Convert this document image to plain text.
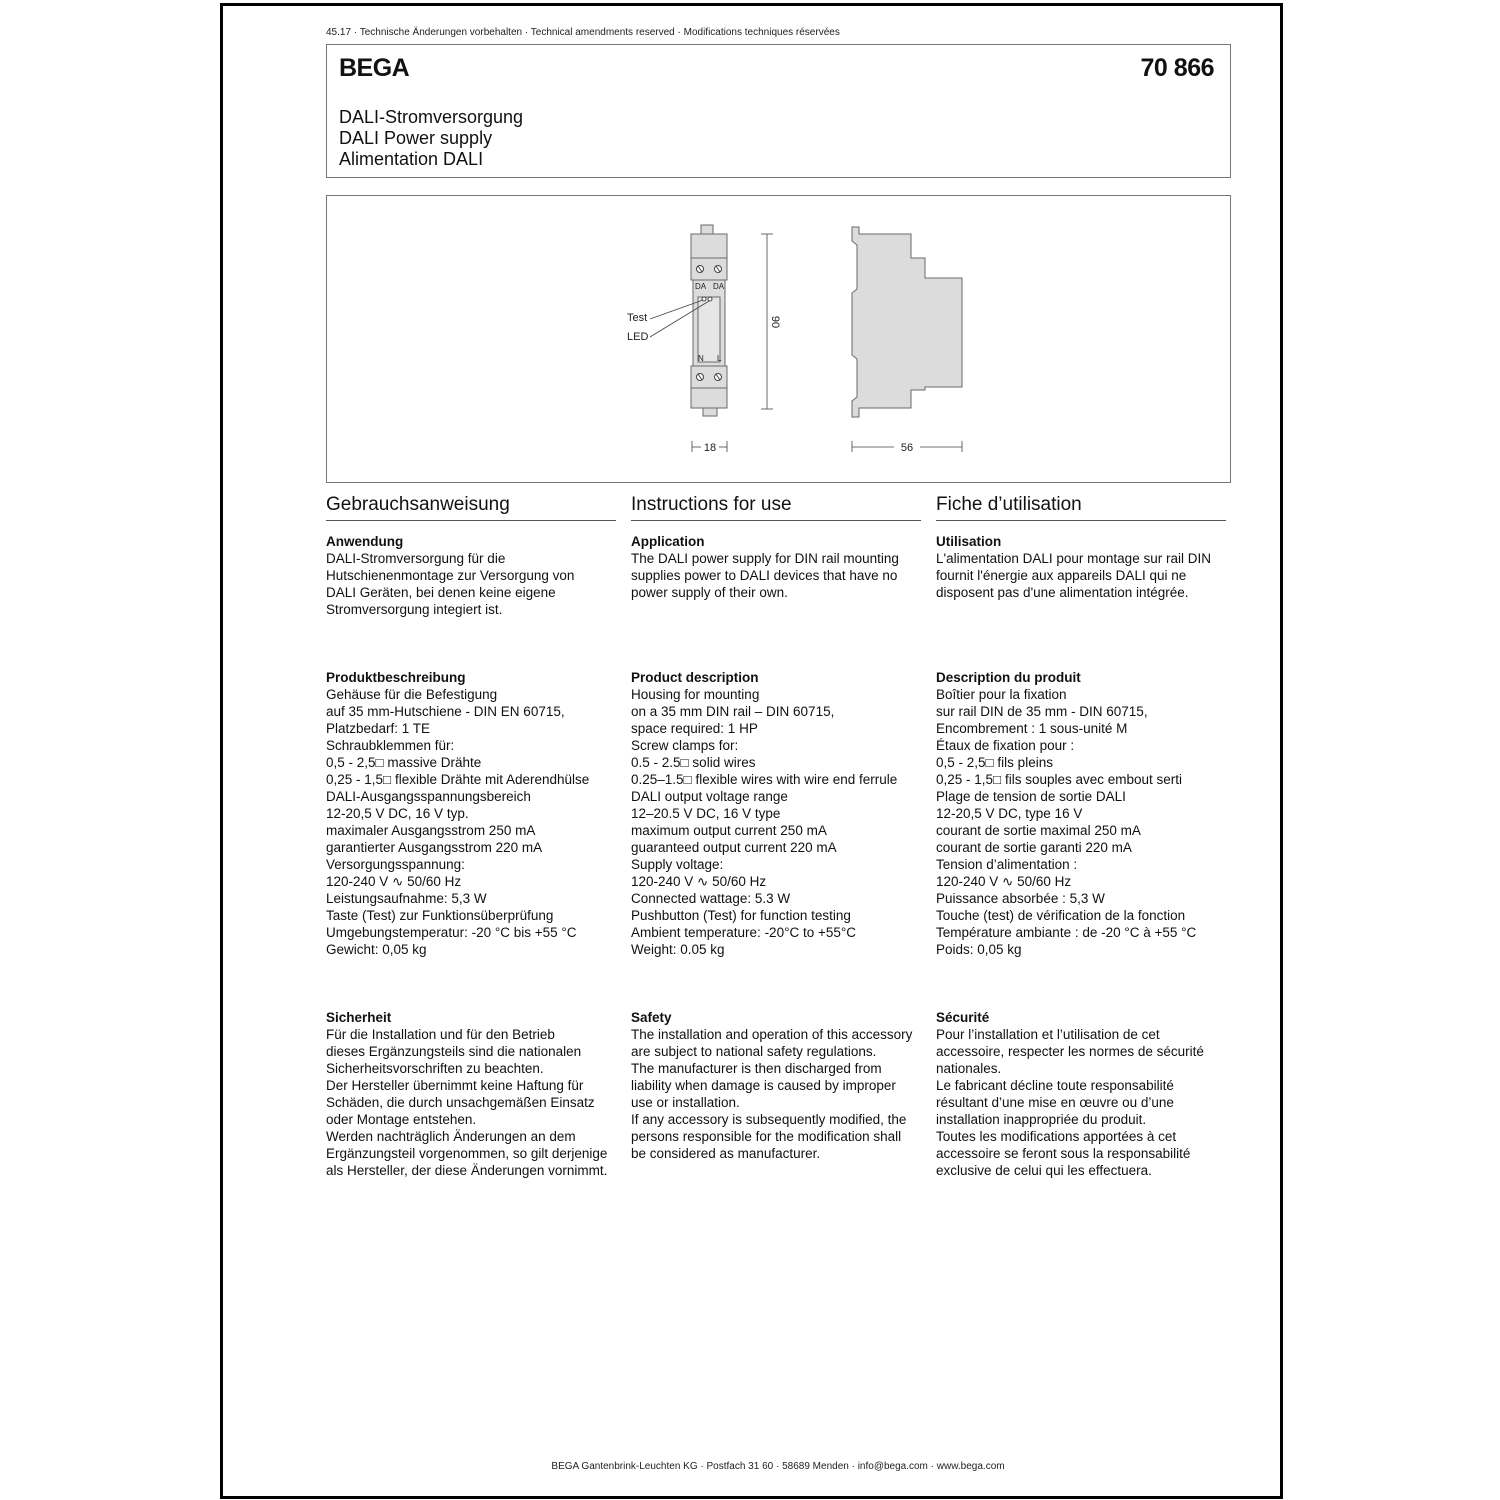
45.17 · Technische Änderungen vorbehalten · Technical amendments reserved · Modifications techniques réservées
BEGA	70 866
DALI-Stromversorgung
DALI Power supply
Alimentation DALI
DA DA
N L
Test
LED
90
18	56
Gebrauchsanweisung
Anwendung
DALI-Stromversorgung für die
Hutschienenmontage zur Versorgung von
DALI Geräten, bei denen keine eigene
Stromversorgung integiert ist.
Produktbeschreibung
Gehäuse für die Befestigung
auf 35 mm-Hutschiene - DIN EN 60715,
Platzbedarf: 1 TE
Schraubklemmen für:
0,5 - 2,5□ massive Drähte
0,25 - 1,5□ flexible Drähte mit Aderendhülse
DALI-Ausgangsspannungsbereich
12-20,5 V DC, 16 V typ.
maximaler Ausgangsstrom 250 mA
garantierter Ausgangsstrom 220 mA
Versorgungsspannung:
120-240 V ∿ 50/60 Hz
Leistungsaufnahme: 5,3 W
Taste (Test) zur Funktionsüberprüfung
Umgebungstemperatur: -20 °C bis +55 °C
Gewicht: 0,05 kg
Sicherheit
Für die Installation und für den Betrieb
dieses Ergänzungsteils sind die nationalen
Sicherheitsvorschriften zu beachten.
Der Hersteller übernimmt keine Haftung für
Schäden, die durch unsachgemäßen Einsatz
oder Montage entstehen.
Werden nachträglich Änderungen an dem
Ergänzungsteil vorgenommen, so gilt derjenige
als Hersteller, der diese Änderungen vornimmt.
Instructions for use
Application
The DALI power supply for DIN rail mounting
supplies power to DALI devices that have no
power supply of their own.
Product description
Housing for mounting
on a 35 mm DIN rail – DIN 60715,
space required: 1 HP
Screw clamps for:
0.5 - 2.5□ solid wires
0.25–1.5□ flexible wires with wire end ferrule
DALI output voltage range
12–20.5 V DC, 16 V type
maximum output current 250 mA
guaranteed output current 220 mA
Supply voltage:
120-240 V ∿ 50/60 Hz
Connected wattage: 5.3 W
Pushbutton (Test) for function testing
Ambient temperature: -20°C to +55°C
Weight: 0.05 kg
Safety
The installation and operation of this accessory
are subject to national safety regulations.
The manufacturer is then discharged from
liability when damage is caused by improper
use or installation.
If any accessory is subsequently modified, the
persons responsible for the modification shall
be considered as manufacturer.
Fiche d’utilisation
Utilisation
L'alimentation DALI pour montage sur rail DIN
fournit l'énergie aux appareils DALI qui ne
disposent pas d'une alimentation intégrée.
Description du produit
Boîtier pour la fixation
sur rail DIN de 35 mm - DIN 60715,
Encombrement : 1 sous-unité M
Étaux de fixation pour :
0,5 - 2,5□ fils pleins
0,25 - 1,5□ fils souples avec embout serti
Plage de tension de sortie DALI
12-20,5 V DC, type 16 V
courant de sortie maximal 250 mA
courant de sortie garanti 220 mA
Tension d’alimentation :
120-240 V ∿ 50/60 Hz
Puissance absorbée : 5,3 W
Touche (test) de vérification de la fonction
Température ambiante : de -20 °C à +55 °C
Poids: 0,05 kg
Sécurité
Pour l’installation et l’utilisation de cet
accessoire, respecter les normes de sécurité
nationales.
Le fabricant décline toute responsabilité
résultant d’une mise en œuvre ou d’une
installation inappropriée du produit.
Toutes les modifications apportées à cet
accessoire se feront sous la responsabilité
exclusive de celui qui les effectuera.
BEGA Gantenbrink-Leuchten KG · Postfach 31 60 · 58689 Menden · info@bega.com · www.bega.com
